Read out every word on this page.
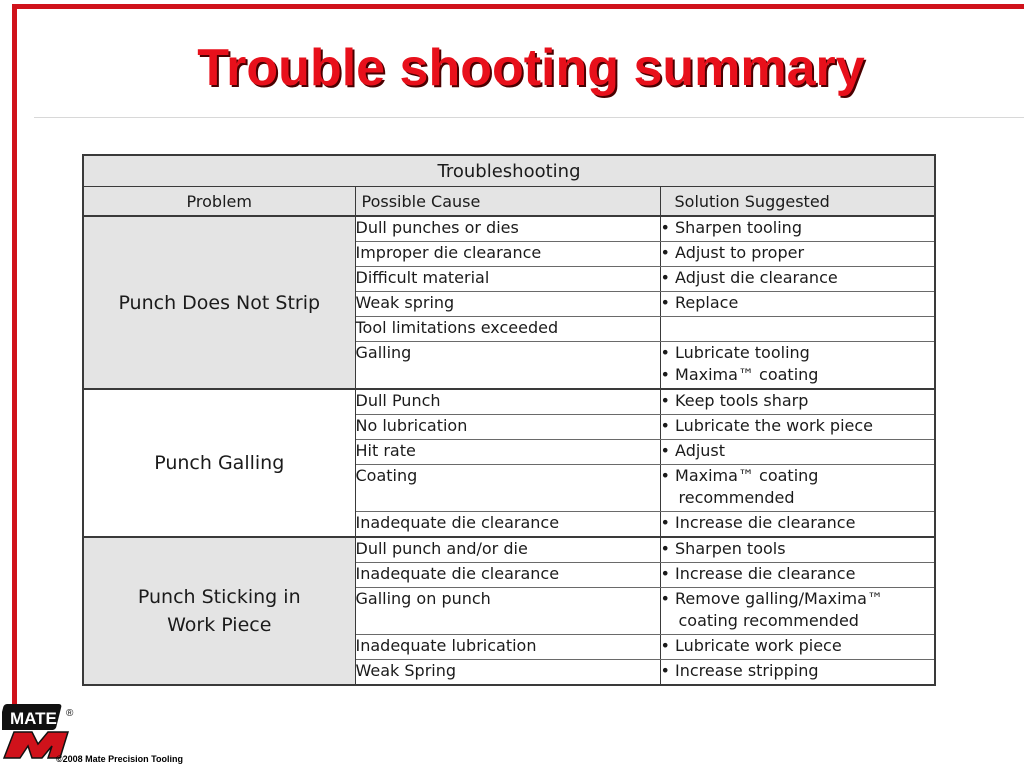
Trouble shooting summary
Troubleshooting		
Problem	Possible Cause	Solution Suggested
Punch Does Not Strip	Dull punches or dies	• Sharpen tooling
	Improper die clearance	• Adjust to proper
	Difficult material	• Adjust die clearance
	Weak spring	• Replace
	Tool limitations exceeded	
	Galling	• Lubricate tooling
• Maxima™ coating

Punch Galling	Dull Punch	• Keep tools sharp
	No lubrication	• Lubricate the work piece
	Hit rate	• Adjust
	Coating	• Maxima™ coating
recommended

	Inadequate die clearance	• Increase die clearance

Punch Sticking in
Work Piece	Dull punch and/or die	• Sharpen tools
	Inadequate die clearance	• Increase die clearance
	Galling on punch	• Remove galling/Maxima™
coating recommended

	Inadequate lubrication	• Lubricate work piece
	Weak Spring	• Increase stripping
MATE ®
©2008 Mate Precision Tooling
